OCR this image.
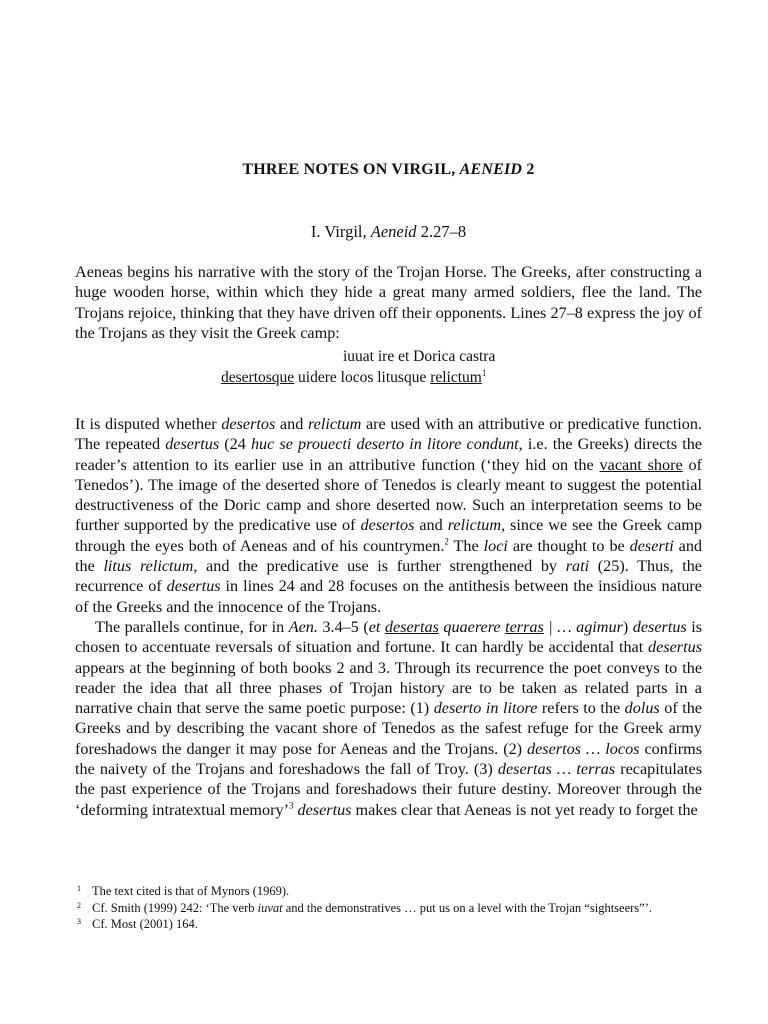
THREE NOTES ON VIRGIL, AENEID 2
I. Virgil, Aeneid 2.27–8

Aeneas begins his narrative with the story of the Trojan Horse. The Greeks, after constructing a huge wooden horse, within which they hide a great many armed soldiers, flee the land. The Trojans rejoice, thinking that they have driven off their opponents. Lines 27–8 express the joy of the Trojans as they visit the Greek camp:

iuuat ire et Dorica castra
desertosque uidere locos litusque relictum$^1$

It is disputed whether desertos and relictum are used with an attributive or predicative function. The repeated desertus (24 huc se prouecti deserto in litore condunt, i.e. the Greeks) directs the reader’s attention to its earlier use in an attributive function (‘they hid on the vacant shore of Tenedos’). The image of the deserted shore of Tenedos is clearly meant to suggest the potential destructiveness of the Doric camp and shore deserted now. Such an interpretation seems to be further supported by the predicative use of desertos and relictum, since we see the Greek camp through the eyes both of Aeneas and of his countrymen.$^2$ The loci are thought to be deserti and the litus relictum, and the predicative use is further strengthened by rati (25). Thus, the recurrence of desertus in lines 24 and 28 focuses on the antithesis between the insidious nature of the Greeks and the innocence of the Trojans.

The parallels continue, for in Aen. 3.4–5 (et desertas quaerere terras | … agimur) desertus is chosen to accentuate reversals of situation and fortune. It can hardly be accidental that desertus appears at the beginning of both books 2 and 3. Through its recurrence the poet conveys to the reader the idea that all three phases of Trojan history are to be taken as related parts in a narrative chain that serve the same poetic purpose: (1) deserto in litore refers to the dolus of the Greeks and by describing the vacant shore of Tenedos as the safest refuge for the Greek army foreshadows the danger it may pose for Aeneas and the Trojans. (2) desertos … locos confirms the naivety of the Trojans and foreshadows the fall of Troy. (3) desertas … terras recapitulates the past experience of the Trojans and foreshadows their future destiny. Moreover through the ‘deforming intratextual memory’$^3$ desertus makes clear that Aeneas is not yet ready to forget the

1 The text cited is that of Mynors (1969).
2 Cf. Smith (1999) 242: ‘The verb iuvat and the demonstratives … put us on a level with the Trojan “sightseers”’.
3 Cf. Most (2001) 164.
